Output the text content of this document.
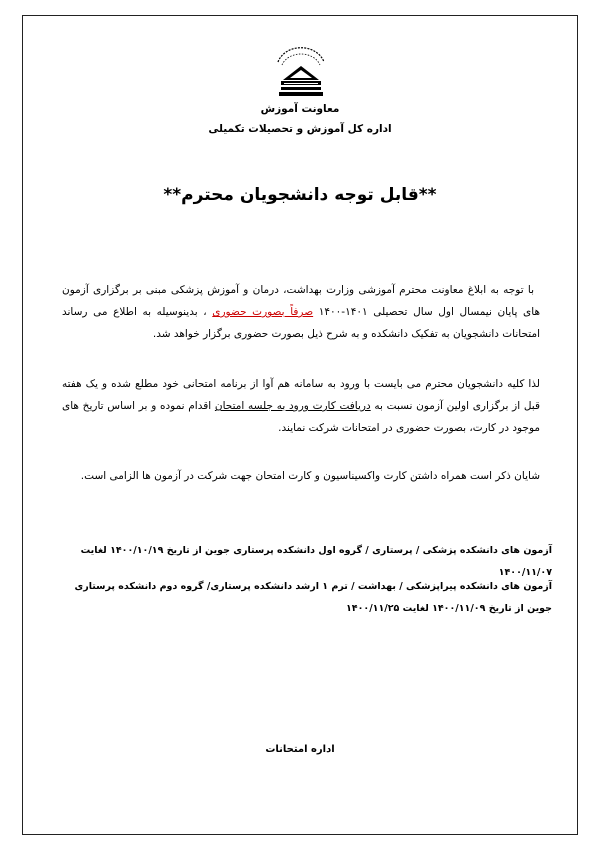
معاونت آموزش
اداره کل آموزش و تحصیلات تکمیلی
**قابل توجه دانشجویان محترم**
با توجه به ابلاغ معاونت محترم آموزشی وزارت بهداشت، درمان و آموزش پزشکی مبنی بر برگزاری آزمون های پایان نیمسال اول سال تحصیلی ۱۴۰۱-۱۴۰۰ صرفاً بصورت حضوری ، بدینوسیله به اطلاع می رساند امتحانات دانشجویان به تفکیک دانشکده و به شرح ذیل بصورت حضوری برگزار خواهد شد.
لذا کلیه دانشجویان محترم می بایست با ورود به سامانه هم آوا از برنامه امتحانی خود مطلع شده و یک هفته قبل از برگزاری اولین آزمون نسبت به دریافت کارت ورود به جلسه امتحان اقدام نموده و بر اساس تاریخ های موجود در کارت، بصورت حضوری در امتحانات شرکت نمایند.
شایان ذکر است همراه داشتن کارت واکسیناسیون و کارت امتحان جهت شرکت در آزمون ها الزامی است.
آزمون های دانشکده پزشکی / پرستاری / گروه اول دانشکده پرستاری جوین از تاریخ ۱۴۰۰/۱۰/۱۹ لغایت ۱۴۰۰/۱۱/۰۷
آزمون های دانشکده پیراپزشکی / بهداشت / ترم ۱ ارشد دانشکده پرستاری/ گروه دوم دانشکده پرستاری جوین از تاریخ ۱۴۰۰/۱۱/۰۹ لغایت ۱۴۰۰/۱۱/۲۵
اداره امتحانات
